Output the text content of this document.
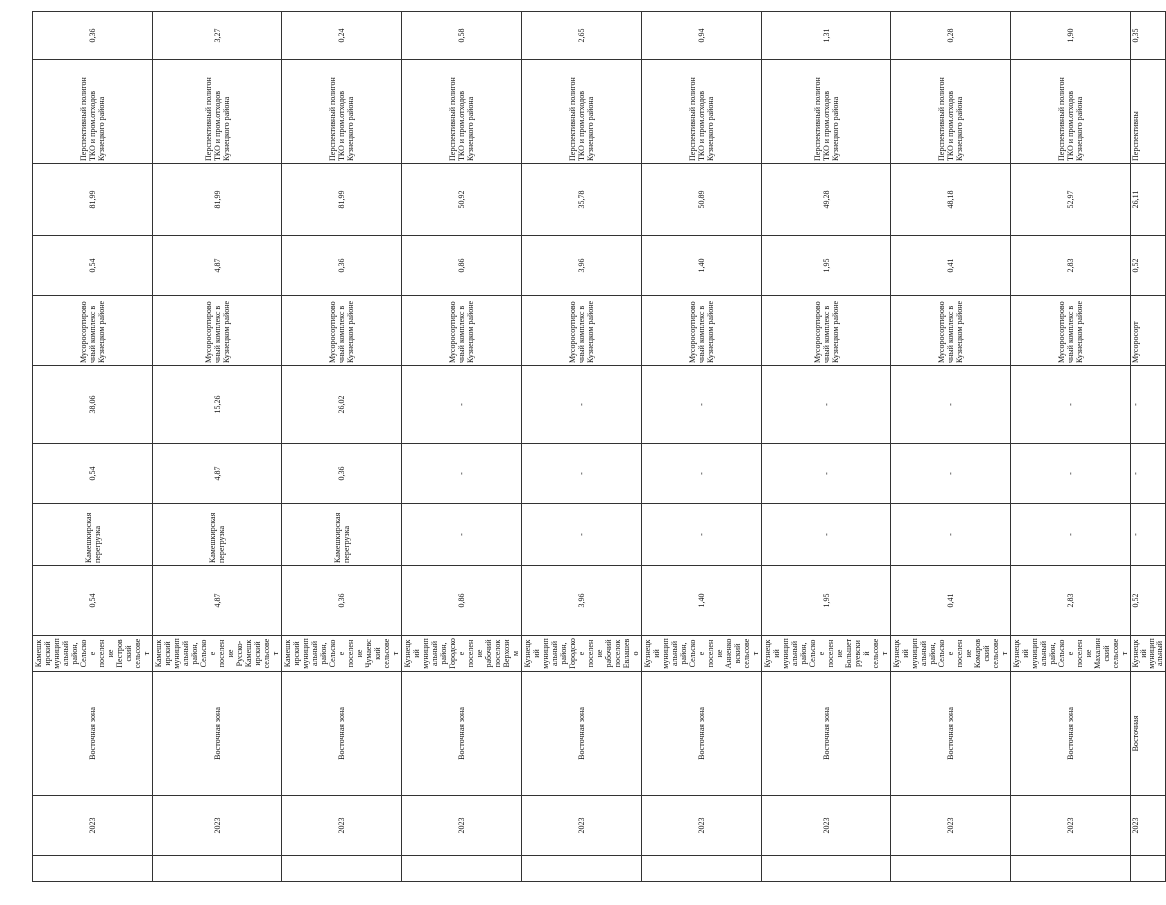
	2023	Восточная зона	Камешкирский муниципальный район, Сельское поселение Пестровский сельсовет	0,54	Камешкирская перегрузка	0,54	38,06	Мусоросортировочный комплекс в Кузнецком районе	0,54	81,99	Перспективный полигон ТКО и пром.отходов Кузнецкого района	0,36
	2023	Восточная зона	Камешкирский муниципальный район, Сельское поселение Русско-Камешкирский сельсовет	4,87	Камешкирская перегрузка	4,87	15,26	Мусоросортировочный комплекс в Кузнецком районе	4,87	81,99	Перспективный полигон ТКО и пром.отходов Кузнецкого района	3,27
	2023	Восточная зона	Камешкирский муниципальный район, Сельское поселение Чумаевский сельсовет	0,36	Камешкирская перегрузка	0,36	26,02	Мусоросортировочный комплекс в Кузнецком районе	0,36	81,99	Перспективный полигон ТКО и пром.отходов Кузнецкого района	0,24
	2023	Восточная зона	Кузнецкий муниципальный район, Городское поселение рабочий поселок Верхозим	0,86	-	-	-	Мусоросортировочный комплекс в Кузнецком районе	0,86	50,92	Перспективный полигон ТКО и пром.отходов Кузнецкого района	0,58
	2023	Восточная зона	Кузнецкий муниципальный район, Городское поселение рабочий поселок Евлашево	3,96	-	-	-	Мусоросортировочный комплекс в Кузнецком районе	3,96	35,78	Перспективный полигон ТКО и пром.отходов Кузнецкого района	2,65
	2023	Восточная зона	Кузнецкий муниципальный район, Сельское поселение Анненковский сельсовет	1,40	-	-	-	Мусоросортировочный комплекс в Кузнецком районе	1,40	50,89	Перспективный полигон ТКО и пром.отходов Кузнецкого района	0,94
	2023	Восточная зона	Кузнецкий муниципальный район, Сельское поселение Большетруевский сельсовет	1,95	-	-	-	Мусоросортировочный комплекс в Кузнецком районе	1,95	49,28	Перспективный полигон ТКО и пром.отходов Кузнецкого района	1,31
	2023	Восточная зона	Кузнецкий муниципальный район, Сельское поселение Комаровский сельсовет	0,41	-	-	-	Мусоросортировочный комплекс в Кузнецком районе	0,41	48,18	Перспективный полигон ТКО и пром.отходов Кузнецкого района	0,28
	2023	Восточная зона	Кузнецкий муниципальный район, Сельское поселение Махалинский сельсовет	2,83	-	-	-	Мусоросортировочный комплекс в Кузнецком районе	2,83	52,97	Перспективный полигон ТКО и пром.отходов Кузнецкого района	1,90
	2023	Восточная	Кузнецкий муниципальный	0,52	-	-	-	Мусоросорт	0,52	26,11	Перспективны	0,35
